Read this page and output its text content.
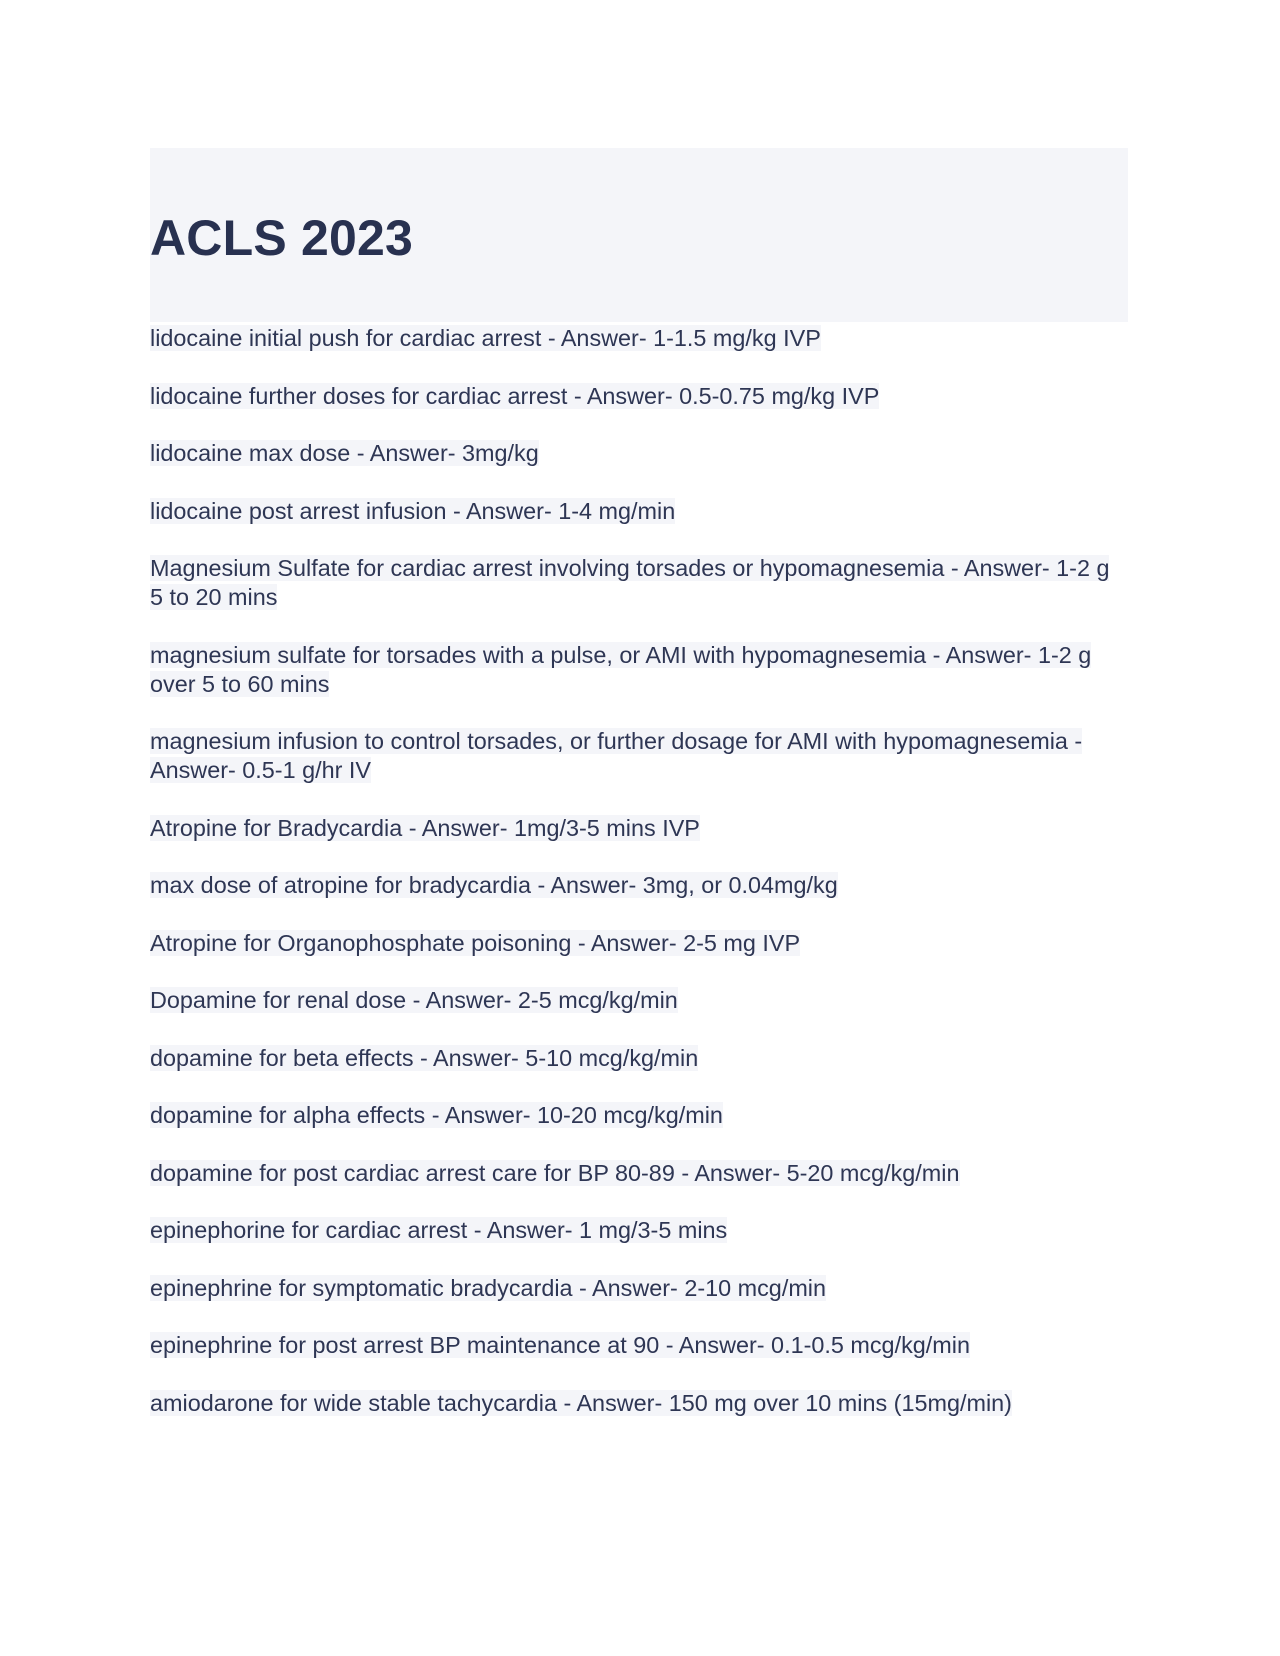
ACLS 2023
lidocaine initial push for cardiac arrest - Answer- 1-1.5 mg/kg IVP
lidocaine further doses for cardiac arrest - Answer- 0.5-0.75 mg/kg IVP
lidocaine max dose - Answer- 3mg/kg
lidocaine post arrest infusion - Answer- 1-4 mg/min
Magnesium Sulfate for cardiac arrest involving torsades or hypomagnesemia - Answer- 1-2 g 5 to 20 mins
magnesium sulfate for torsades with a pulse, or AMI with hypomagnesemia - Answer- 1-2 g over 5 to 60 mins
magnesium infusion to control torsades, or further dosage for AMI with hypomagnesemia - Answer- 0.5-1 g/hr IV
Atropine for Bradycardia - Answer- 1mg/3-5 mins IVP
max dose of atropine for bradycardia - Answer- 3mg, or 0.04mg/kg
Atropine for Organophosphate poisoning - Answer- 2-5 mg IVP
Dopamine for renal dose - Answer- 2-5 mcg/kg/min
dopamine for beta effects - Answer- 5-10 mcg/kg/min
dopamine for alpha effects - Answer- 10-20 mcg/kg/min
dopamine for post cardiac arrest care for BP 80-89 - Answer- 5-20 mcg/kg/min
epinephorine for cardiac arrest - Answer- 1 mg/3-5 mins
epinephrine for symptomatic bradycardia - Answer- 2-10 mcg/min
epinephrine for post arrest BP maintenance at 90 - Answer- 0.1-0.5 mcg/kg/min
amiodarone for wide stable tachycardia - Answer- 150 mg over 10 mins (15mg/min)
